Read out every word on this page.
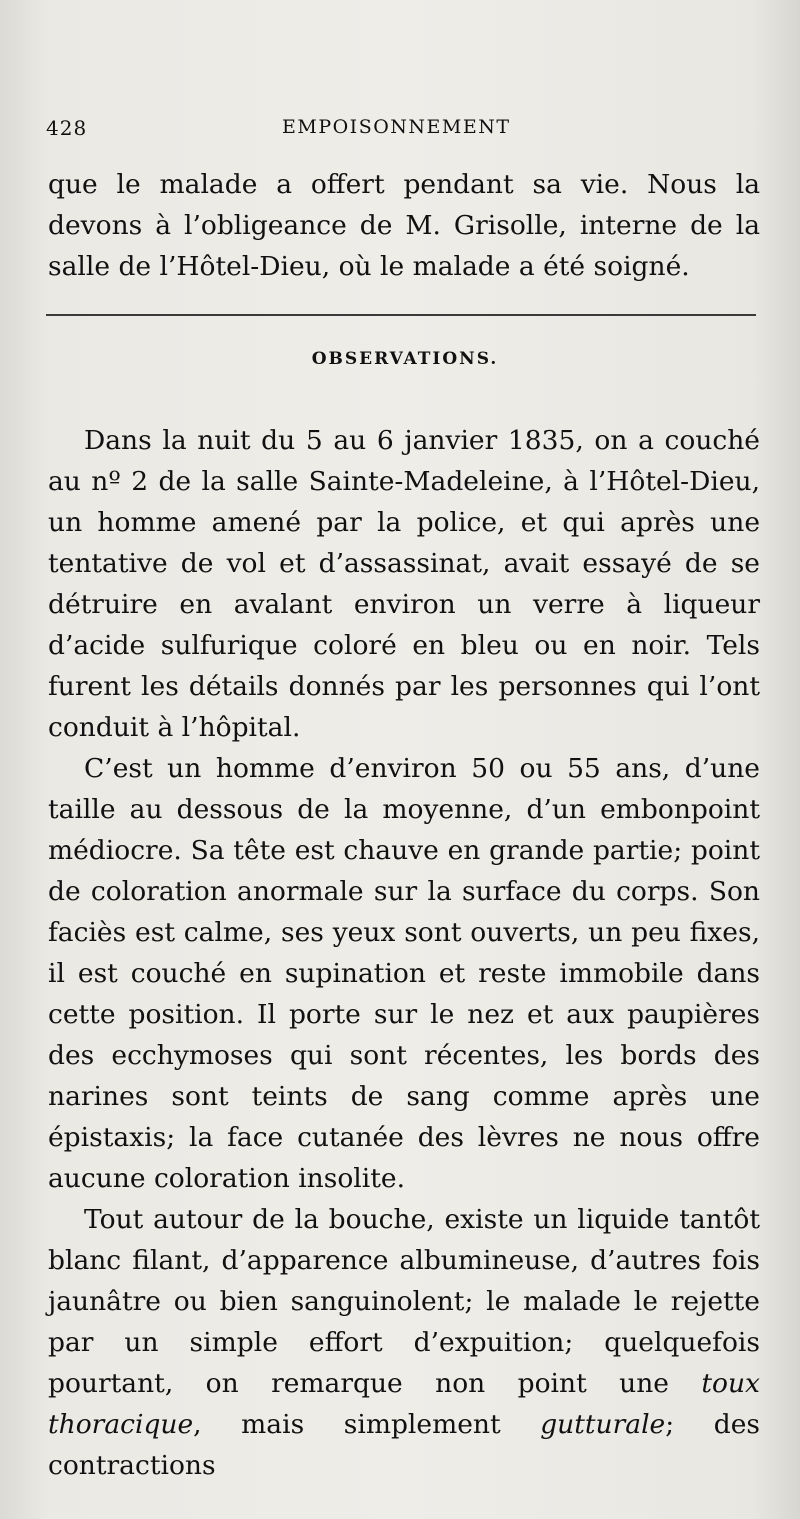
428	EMPOISONNEMENT

que le malade a offert pendant sa vie. Nous la devons à l’obligeance de M. Grisolle, interne de la salle de l’Hôtel-Dieu, où le malade a été soigné.

OBSERVATIONS.

Dans la nuit du 5 au 6 janvier 1835, on a couché au nº 2 de la salle Sainte-Madeleine, à l’Hôtel-Dieu, un homme amené par la police, et qui après une tentative de vol et d’assassinat, avait essayé de se détruire en avalant environ un verre à liqueur d’acide sulfurique coloré en bleu ou en noir. Tels furent les détails donnés par les personnes qui l’ont conduit à l’hôpital.

C’est un homme d’environ 50 ou 55 ans, d’une taille au dessous de la moyenne, d’un embonpoint médiocre. Sa tête est chauve en grande partie; point de coloration anormale sur la surface du corps. Son faciès est calme, ses yeux sont ouverts, un peu fixes, il est couché en supination et reste immobile dans cette position. Il porte sur le nez et aux paupières des ecchymoses qui sont récentes, les bords des narines sont teints de sang comme après une épistaxis; la face cutanée des lèvres ne nous offre aucune coloration insolite.

Tout autour de la bouche, existe un liquide tantôt blanc filant, d’apparence albumineuse, d’autres fois jaunâtre ou bien sanguinolent; le malade le rejette par un simple effort d’expuition; quelquefois pourtant, on remarque non point une toux thoracique, mais simplement gutturale; des contractions
